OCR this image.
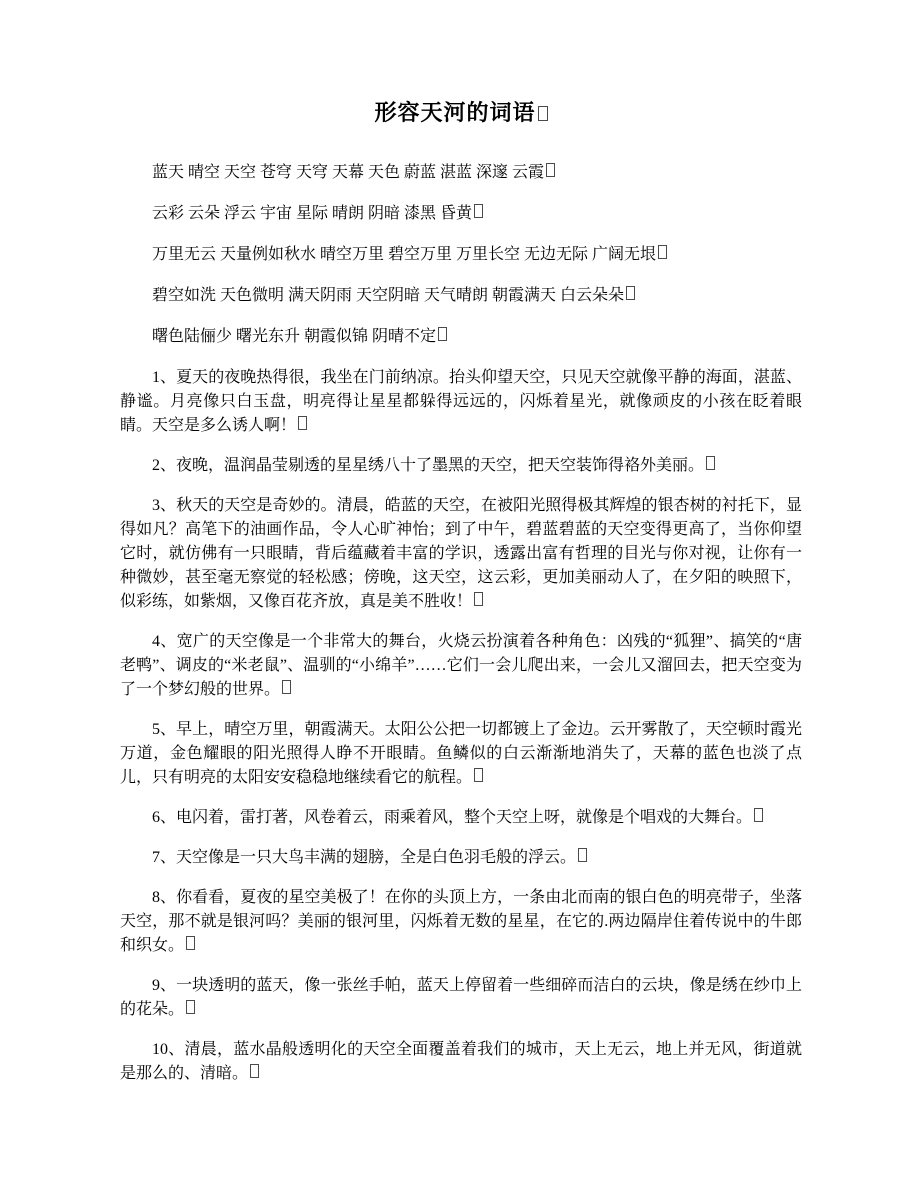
形容天河的词语

蓝天 晴空 天空 苍穹 天穹 天幕 天色 蔚蓝 湛蓝 深邃 云霞

云彩 云朵 浮云 宇宙 星际 晴朗 阴暗 漆黑 昏黄

万里无云 天量例如秋水 晴空万里 碧空万里 万里长空 无边无际 广阔无垠

碧空如洗 天色微明 满天阴雨 天空阴暗 天气晴朗 朝霞满天 白云朵朵

曙色陆俪少 曙光东升 朝霞似锦 阴晴不定

1、夏天的夜晚热得很，我坐在门前纳凉。抬头仰望天空，只见天空就像平静的海面，湛蓝、静谧。月亮像只白玉盘，明亮得让星星都躲得远远的，闪烁着星光，就像顽皮的小孩在眨着眼睛。天空是多么诱人啊！

2、夜晚，温润晶莹剔透的星星绣八十了墨黑的天空，把天空装饰得袼外美丽。

3、秋天的天空是奇妙的。清晨，皓蓝的天空，在被阳光照得极其辉煌的银杏树的衬托下，显得如凡？高笔下的油画作品，令人心旷神怡；到了中午，碧蓝碧蓝的天空变得更高了，当你仰望它时，就仿佛有一只眼睛，背后蕴藏着丰富的学识，透露出富有哲理的目光与你对视，让你有一种微妙，甚至毫无察觉的轻松感；傍晚，这天空，这云彩，更加美丽动人了，在夕阳的映照下，似彩练，如紫烟，又像百花齐放，真是美不胜收！

4、宽广的天空像是一个非常大的舞台，火烧云扮演着各种角色：凶残的“狐狸”、搞笑的“唐老鸭”、调皮的“米老鼠”、温驯的“小绵羊”……它们一会儿爬出来，一会儿又溜回去，把天空变为了一个梦幻般的世界。

5、早上，晴空万里，朝霞满天。太阳公公把一切都镀上了金边。云开雾散了，天空顿时霞光万道，金色耀眼的阳光照得人睁不开眼睛。鱼鳞似的白云渐渐地消失了，天幕的蓝色也淡了点儿，只有明亮的太阳安安稳稳地继续看它的航程。

6、电闪着，雷打著，风卷着云，雨乘着风，整个天空上呀，就像是个唱戏的大舞台。

7、天空像是一只大鸟丰满的翅膀，全是白色羽毛般的浮云。

8、你看看，夏夜的星空美极了！在你的头顶上方，一条由北而南的银白色的明亮带子，坐落天空，那不就是银河吗？美丽的银河里，闪烁着无数的星星，在它的.两边隔岸住着传说中的牛郎和织女。

9、一块透明的蓝天，像一张丝手帕，蓝天上停留着一些细碎而洁白的云块，像是绣在纱巾上的花朵。

10、清晨，蓝水晶般透明化的天空全面覆盖着我们的城市，天上无云，地上并无风，街道就是那么的、清暗。
